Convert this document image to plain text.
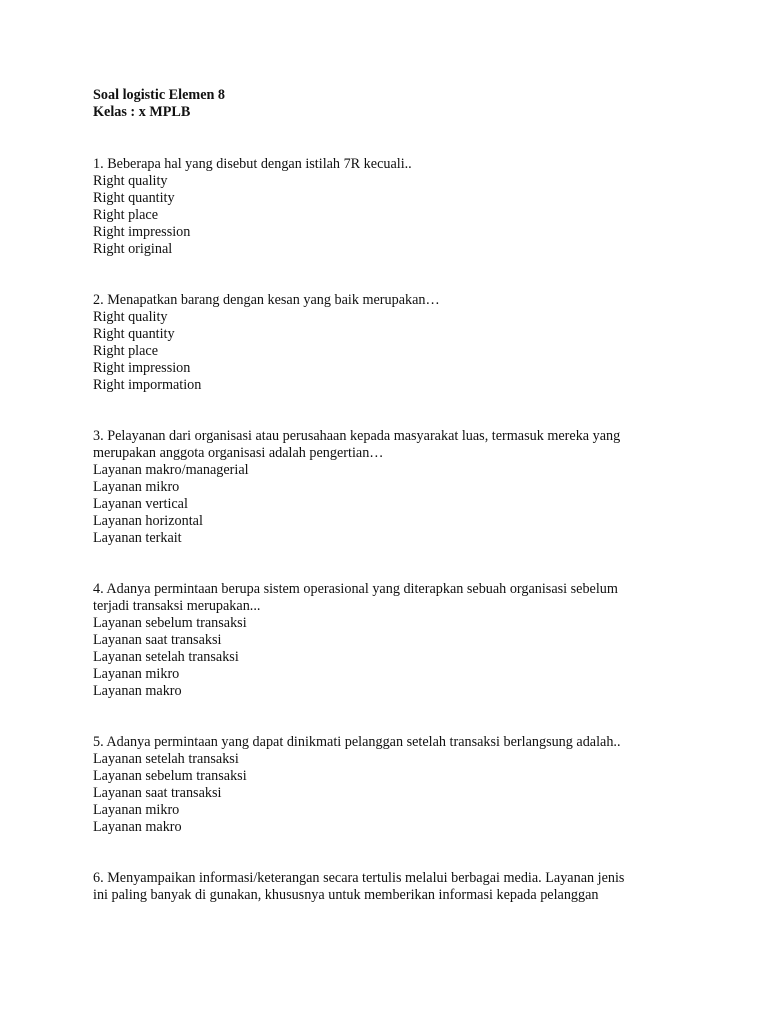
Soal logistic Elemen 8
Kelas : x MPLB
1. Beberapa hal yang disebut dengan istilah 7R kecuali..
Right quality
Right quantity
Right place
Right impression
Right original
2. Menapatkan barang dengan kesan yang baik merupakan…
Right quality
Right quantity
Right place
Right impression
Right impormation
3. Pelayanan dari organisasi atau perusahaan kepada masyarakat luas, termasuk mereka yang
merupakan anggota organisasi adalah pengertian…
Layanan makro/managerial
Layanan mikro
Layanan vertical
Layanan horizontal
Layanan terkait
4. Adanya permintaan berupa sistem operasional yang diterapkan sebuah organisasi sebelum
terjadi transaksi merupakan...
Layanan sebelum transaksi
Layanan saat transaksi
Layanan setelah transaksi
Layanan mikro
Layanan makro
5. Adanya permintaan yang dapat dinikmati pelanggan setelah transaksi berlangsung adalah..
Layanan setelah transaksi
Layanan sebelum transaksi
Layanan saat transaksi
Layanan mikro
Layanan makro
6. Menyampaikan informasi/keterangan secara tertulis melalui berbagai media. Layanan jenis
ini paling banyak di gunakan, khususnya untuk memberikan informasi kepada pelanggan
